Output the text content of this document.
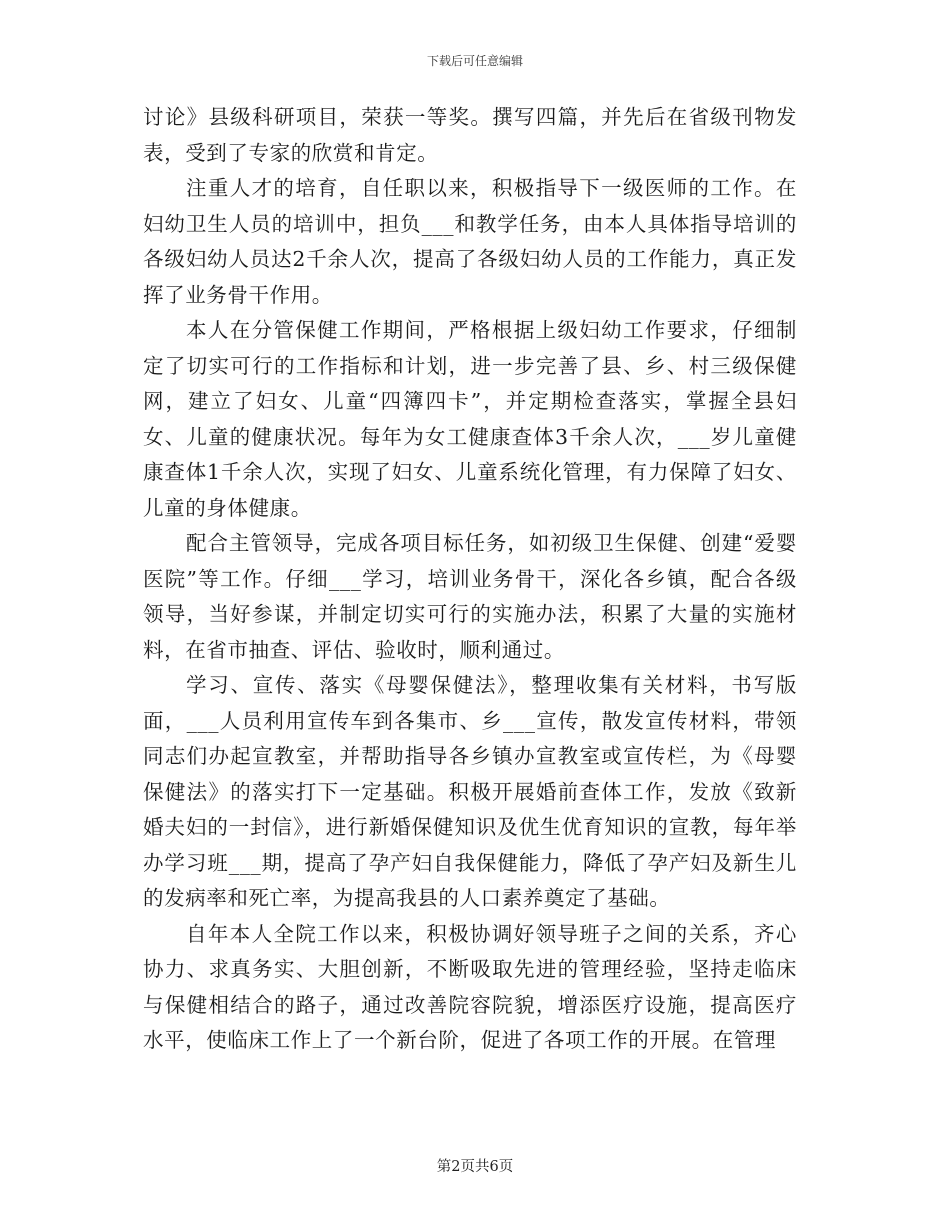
下载后可任意编辑

讨论》县级科研项目，荣获一等奖。撰写四篇，并先后在省级刊物发表，受到了专家的欣赏和肯定。

注重人才的培育，自任职以来，积极指导下一级医师的工作。在妇幼卫生人员的培训中，担负___和教学任务，由本人具体指导培训的各级妇幼人员达2千余人次，提高了各级妇幼人员的工作能力，真正发挥了业务骨干作用。

本人在分管保健工作期间，严格根据上级妇幼工作要求，仔细制定了切实可行的工作指标和计划，进一步完善了县、乡、村三级保健网，建立了妇女、儿童“四簿四卡”，并定期检查落实，掌握全县妇女、儿童的健康状况。每年为女工健康查体3千余人次，___岁儿童健康查体1千余人次，实现了妇女、儿童系统化管理，有力保障了妇女、儿童的身体健康。

配合主管领导，完成各项目标任务，如初级卫生保健、创建“爱婴医院”等工作。仔细___学习，培训业务骨干，深化各乡镇，配合各级领导，当好参谋，并制定切实可行的实施办法，积累了大量的实施材料，在省市抽查、评估、验收时，顺利通过。

学习、宣传、落实《母婴保健法》，整理收集有关材料，书写版面，___人员利用宣传车到各集市、乡___宣传，散发宣传材料，带领同志们办起宣教室，并帮助指导各乡镇办宣教室或宣传栏，为《母婴保健法》的落实打下一定基础。积极开展婚前查体工作，发放《致新婚夫妇的一封信》，进行新婚保健知识及优生优育知识的宣教，每年举办学习班___期，提高了孕产妇自我保健能力，降低了孕产妇及新生儿的发病率和死亡率，为提高我县的人口素养奠定了基础。

自年本人全院工作以来，积极协调好领导班子之间的关系，齐心协力、求真务实、大胆创新，不断吸取先进的管理经验，坚持走临床与保健相结合的路子，通过改善院容院貌，增添医疗设施，提高医疗水平，使临床工作上了一个新台阶，促进了各项工作的开展。在管理

第2页共6页
